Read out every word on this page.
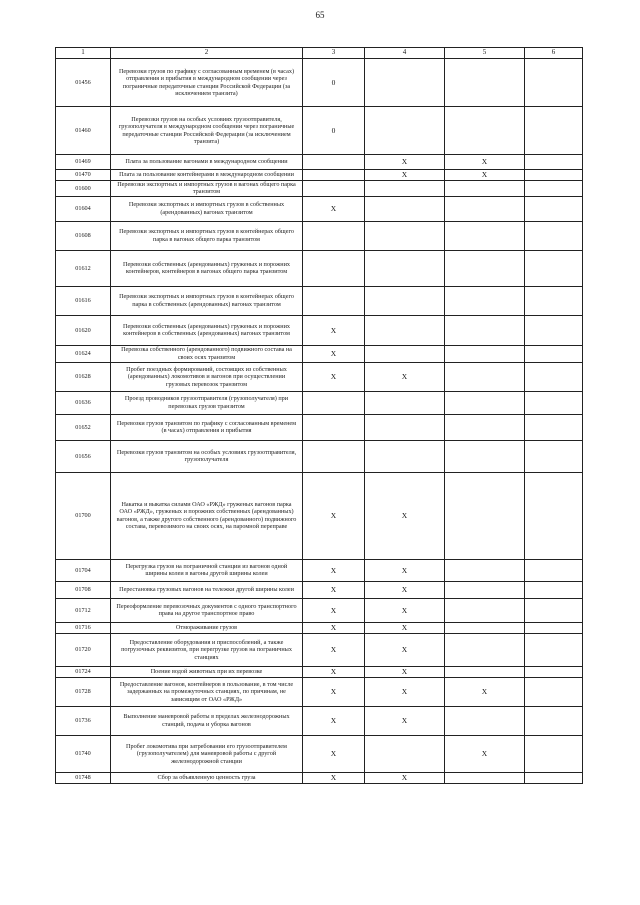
65
1	2	3	4	5	6
01456	Перевозки грузов по графику с согласованным временем (в часах) отправления и прибытия в международном сообщении через пограничные передаточные станции Российской Федерации (за исключением транзита)	0			
01460	Перевозки грузов на особых условиях грузоотправителя, грузополучателя в международном сообщении через пограничные передаточные станции Российской Федерации (за исключением транзита)	0			
01469	Плата за пользование вагонами в международном сообщении		X	X	
01470	Плата за пользование контейнерами в международном сообщении		X	X	
01600	Перевозки экспортных и импортных грузов в вагонах общего парка транзитом				
01604	Перевозки экспортных и импортных грузов в собственных (арендованных) вагонах транзитом	X			
01608	Перевозки экспортных и импортных грузов в контейнерах общего парка в вагонах общего парка транзитом				
01612	Перевозки собственных (арендованных) груженых и порожних контейнеров, контейнеров в вагонах общего парка транзитом				
01616	Перевозки экспортных и импортных грузов в контейнерах общего парка в собственных (арендованных) вагонах транзитом				
01620	Перевозки собственных (арендованных) груженых и порожних контейнеров в собственных (арендованных) вагонах транзитом	X			
01624	Перевозка собственного (арендованного) подвижного состава на своих осях транзитом	X			
01628	Пробег поездных формирований, состоящих из собственных (арендованных) локомотивов и вагонов при осуществлении грузовых перевозок транзитом	X	X		
01636	Проезд проводников грузоотправителя (грузополучателя) при перевозках грузов транзитом				
01652	Перевозки грузов транзитом по графику с согласованным временем (в часах) отправления и прибытия				
01656	Перевозки грузов транзитом на особых условиях грузоотправителя, грузополучателя				
01700	Накатка и выкатка силами ОАО «РЖД» груженых вагонов парка ОАО «РЖД», груженых и порожних собственных (арендованных) вагонов, а также другого собственного (арендованного) подвижного состава, перевозимого на своих осях, на паромной переправе	X	X		
01704	Перегрузка грузов на пограничной станции из вагонов одной ширины колеи в вагоны другой ширины колеи	X	X		
01708	Перестановка грузовых вагонов на тележки другой ширины колеи	X	X		
01712	Переоформление перевозочных документов с одного транспортного права на другое транспортное право	X	X		
01716	Отмораживание грузов	X	X		
01720	Предоставление оборудования и приспособлений, а также погрузочных реквизитов, при перегрузке грузов на пограничных станциях	X	X		
01724	Поение водой животных при их перевозке	X	X		
01728	Предоставление вагонов, контейнеров в пользование, в том числе задержанных на промежуточных станциях, по причинам, не зависящим от ОАО «РЖД»	X	X	X	
01736	Выполнение маневровой работы в пределах железнодорожных станций, подача и уборка вагонов	X	X		
01740	Пробег локомотива при затребовании его грузоотправителем (грузополучателем) для маневровой работы с другой железнодорожной станции	X		X	
01748	Сбор за объявленную ценность груза	X	X		
